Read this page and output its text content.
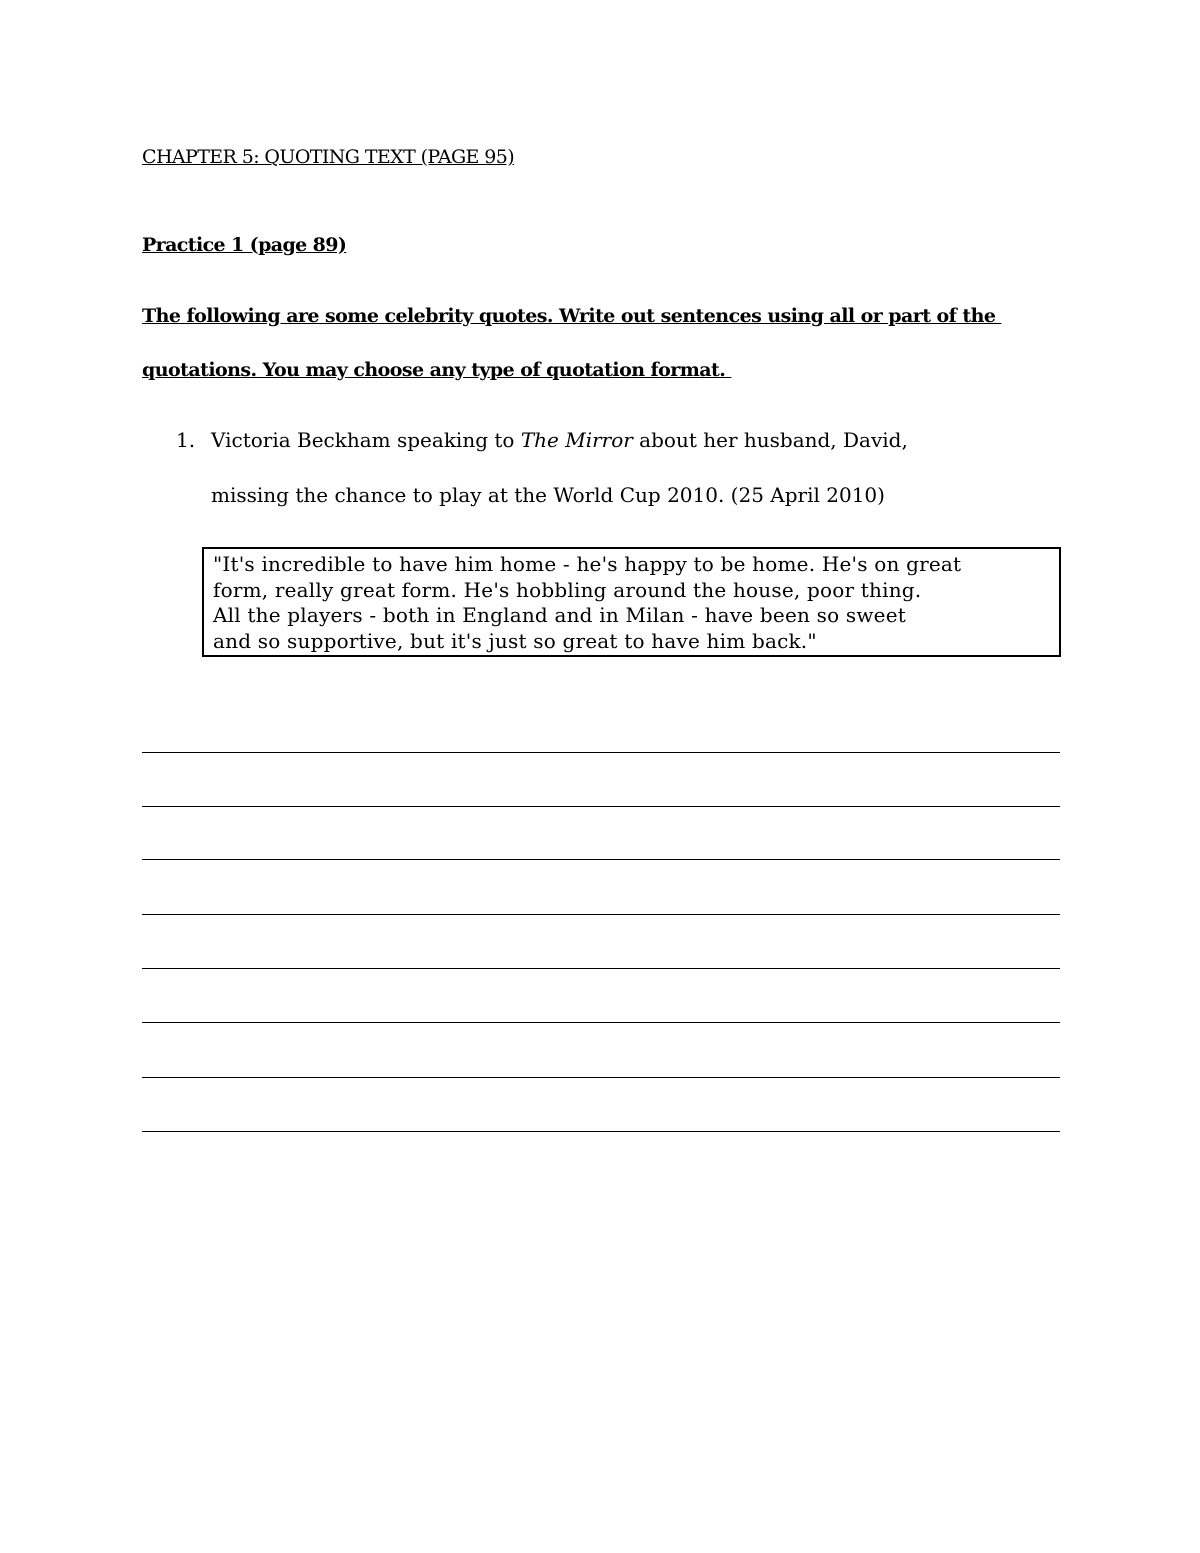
CHAPTER 5: QUOTING TEXT (PAGE 95)
Practice 1 (page 89)
The following are some celebrity quotes. Write out sentences using all or part of the
quotations. You may choose any type of quotation format.
1. Victoria Beckham speaking to The Mirror about her husband, David,
missing the chance to play at the World Cup 2010. (25 April 2010)
"It's incredible to have him home - he's happy to be home. He's on great
form, really great form. He's hobbling around the house, poor thing.
All the players - both in England and in Milan - have been so sweet
and so supportive, but it's just so great to have him back."
